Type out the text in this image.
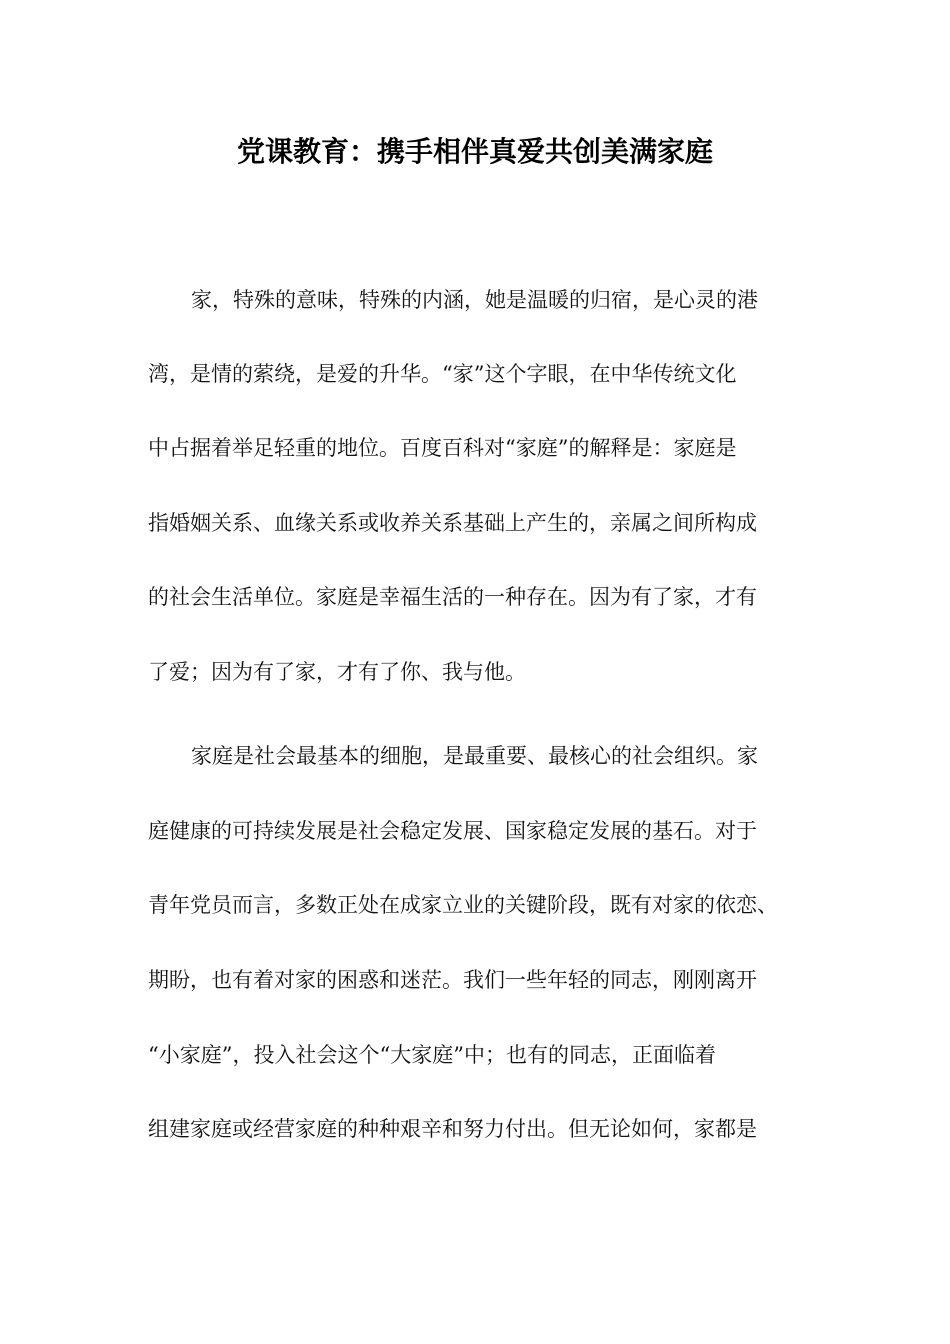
党课教育：携手相伴真爱共创美满家庭
家，特殊的意味，特殊的内涵，她是温暖的归宿，是心灵的港
湾，是情的萦绕，是爱的升华。“家”这个字眼，在中华传统文化
中占据着举足轻重的地位。百度百科对“家庭”的解释是：家庭是
指婚姻关系、血缘关系或收养关系基础上产生的，亲属之间所构成
的社会生活单位。家庭是幸福生活的一种存在。因为有了家，才有
了爱；因为有了家，才有了你、我与他。
家庭是社会最基本的细胞，是最重要、最核心的社会组织。家
庭健康的可持续发展是社会稳定发展、国家稳定发展的基石。对于
青年党员而言，多数正处在成家立业的关键阶段，既有对家的依恋、
期盼，也有着对家的困惑和迷茫。我们一些年轻的同志，刚刚离开
“小家庭”，投入社会这个“大家庭”中；也有的同志，正面临着
组建家庭或经营家庭的种种艰辛和努力付出。但无论如何，家都是
